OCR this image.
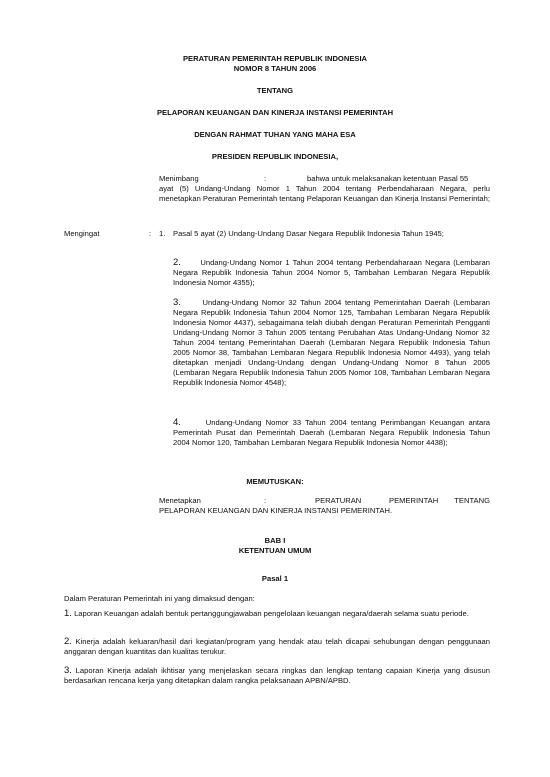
PERATURAN PEMERINTAH REPUBLIK INDONESIA
NOMOR 8 TAHUN 2006
TENTANG
PELAPORAN KEUANGAN DAN KINERJA INSTANSI PEMERINTAH
DENGAN RAHMAT TUHAN YANG MAHA ESA
PRESIDEN REPUBLIK INDONESIA,
Menimbang	:	bahwa untuk melaksanakan ketentuan Pasal 55

ayat (5) Undang-Undang Nomor 1 Tahun 2004 tentang Perbendaharaan Negara, perlu menetapkan Peraturan Pemerintah tentang Pelaporan Keuangan dan Kinerja Instansi Pemerintah;

Mengingat	: 1. Pasal 5 ayat (2) Undang-Undang Dasar Negara Republik Indonesia Tahun 1945;

2.	Undang-Undang Nomor 1 Tahun 2004 tentang Perbendaharaan Negara (Lembaran Negara Republik Indonesia Tahun 2004 Nomor 5, Tambahan Lembaran Negara Republik Indonesia Nomor 4355);

3.	Undang-Undang Nomor 32 Tahun 2004 tentang Pemerintahan Daerah (Lembaran Negara Republik Indonesia Tahun 2004 Nomor 125, Tambahan Lembaran Negara Republik Indonesia Nomor 4437), sebagaimana telah diubah dengan Peraturan Pemerintah Pengganti Undang-Undang Nomor 3 Tahun 2005 tentang Perubahan Atas Undang-Undang Nomor 32 Tahun 2004 tentang Pemerintahan Daerah (Lembaran Negara Republik Indonesia Tahun 2005 Nomor 38, Tambahan Lembaran Negara Republik Indonesia Nomor 4493), yang telah ditetapkan menjadi Undang-Undang dengan Undang-Undang Nomor 8 Tahun 2005 (Lembaran Negara Republik Indonesia Tahun 2005 Nomor 108, Tambahan Lembaran Negara Republik Indonesia Nomor 4548);

4.	Undang-Undang Nomor 33 Tahun 2004 tentang Perimbangan Keuangan antara Pemerintah Pusat dan Pemerintah Daerah (Lembaran Negara Republik Indonesia Tahun 2004 Nomor 120, Tambahan Lembaran Negara Republik Indonesia Nomor 4438);

MEMUTUSKAN:
Menetapkan	:	PERATURAN	PEMERINTAH TENTANG
PELAPORAN KEUANGAN DAN KINERJA INSTANSI PEMERINTAH.
BAB I
KETENTUAN UMUM
Pasal 1
Dalam Peraturan Pemerintah ini yang dimaksud dengan:

1. Laporan Keuangan adalah bentuk pertanggungjawaban pengelolaan keuangan negara/daerah selama suatu periode.

2. Kinerja adalah keluaran/hasil dari kegiatan/program yang hendak atau telah dicapai sehubungan dengan penggunaan anggaran dengan kuantitas dan kualitas terukur.

3. Laporan Kinerja adalah ikhtisar yang menjelaskan secara ringkas dan lengkap tentang capaian Kinerja yang disusun berdasarkan rencana kerja yang ditetapkan dalam rangka pelaksanaan APBN/APBD.
